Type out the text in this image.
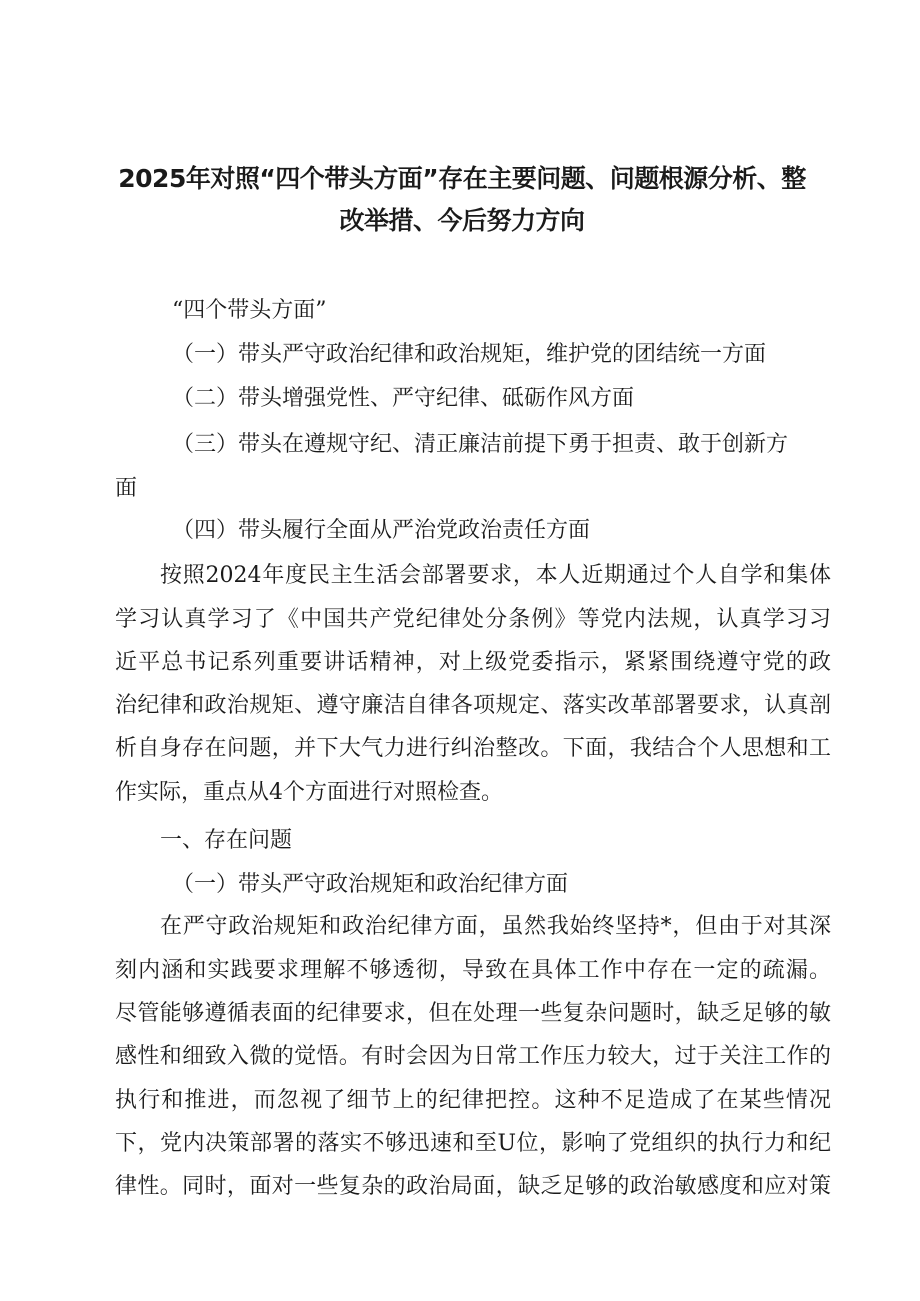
2025年对照“四个带头方面”存在主要问题、问题根源分析、整
改举措、今后努力方向
“四个带头方面”
（一）带头严守政治纪律和政治规矩，维护党的团结统一方面
（二）带头增强党性、严守纪律、砥砺作风方面
（三）带头在遵规守纪、清正廉洁前提下勇于担责、敢于创新方
面
（四）带头履行全面从严治党政治责任方面
按照2024年度民主生活会部署要求，本人近期通过个人自学和集体
学习认真学习了《中国共产党纪律处分条例》等党内法规，认真学习习
近平总书记系列重要讲话精神，对上级党委指示，紧紧围绕遵守党的政
治纪律和政治规矩、遵守廉洁自律各项规定、落实改革部署要求，认真剖
析自身存在问题，并下大气力进行纠治整改。下面，我结合个人思想和工
作实际，重点从4个方面进行对照检查。
一、存在问题
（一）带头严守政治规矩和政治纪律方面
在严守政治规矩和政治纪律方面，虽然我始终坚持*，但由于对其深
刻内涵和实践要求理解不够透彻，导致在具体工作中存在一定的疏漏。
尽管能够遵循表面的纪律要求，但在处理一些复杂问题时，缺乏足够的敏
感性和细致入微的觉悟。有时会因为日常工作压力较大，过于关注工作的
执行和推进，而忽视了细节上的纪律把控。这种不足造成了在某些情况
下，党内决策部署的落实不够迅速和至U位，影响了党组织的执行力和纪
律性。同时，面对一些复杂的政治局面，缺乏足够的政治敏感度和应对策
